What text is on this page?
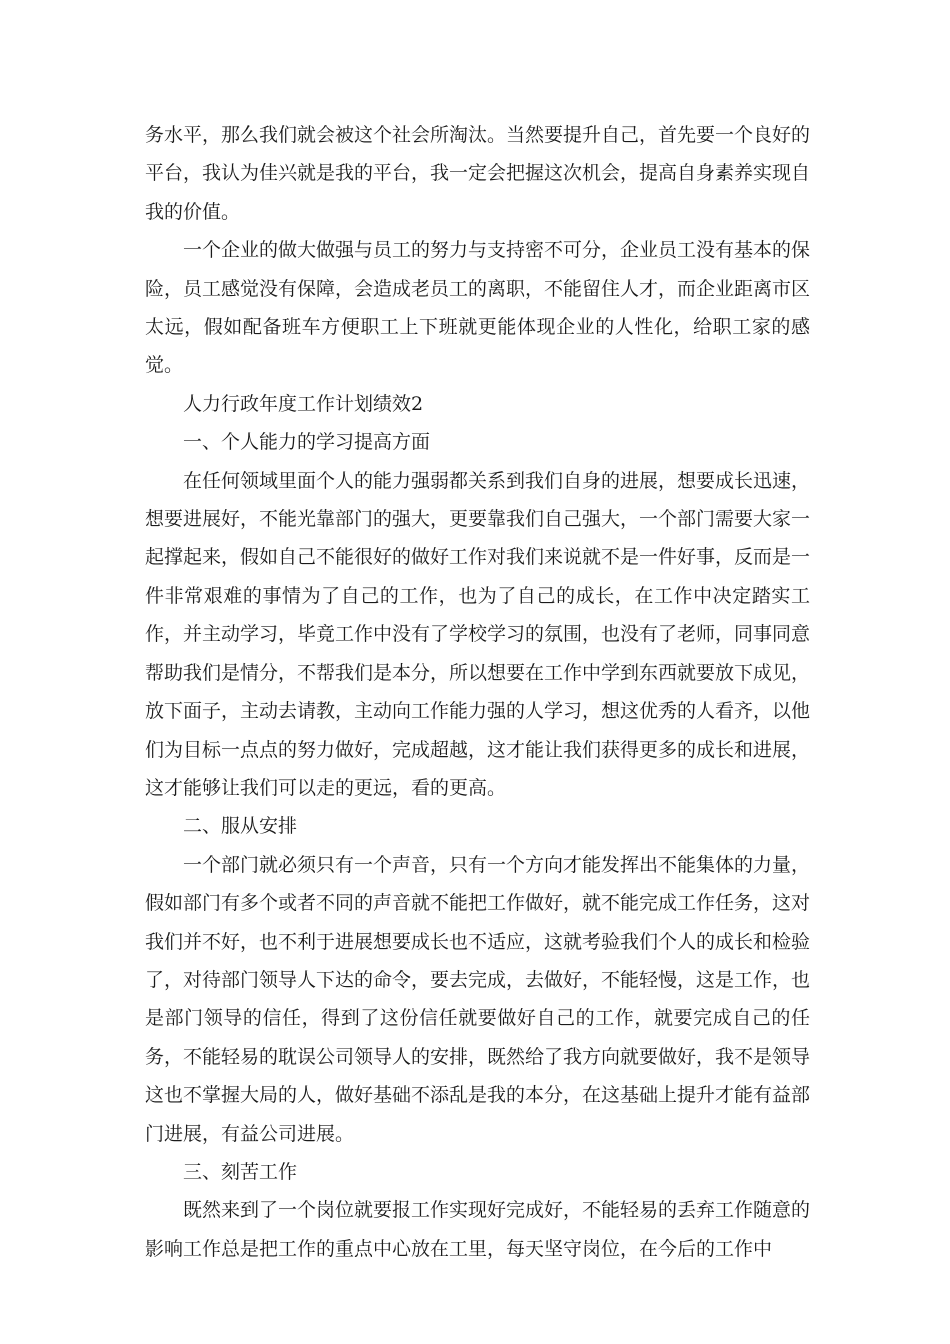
务水平，那么我们就会被这个社会所淘汰。当然要提升自己，首先要一个良好的平台，我认为佳兴就是我的平台，我一定会把握这次机会，提高自身素养实现自我的价值。

一个企业的做大做强与员工的努力与支持密不可分，企业员工没有基本的保险，员工感觉没有保障，会造成老员工的离职，不能留住人才，而企业距离市区太远，假如配备班车方便职工上下班就更能体现企业的人性化，给职工家的感觉。

人力行政年度工作计划绩效2

一、个人能力的学习提高方面

在任何领域里面个人的能力强弱都关系到我们自身的进展，想要成长迅速，想要进展好，不能光靠部门的强大，更要靠我们自己强大，一个部门需要大家一起撑起来，假如自己不能很好的做好工作对我们来说就不是一件好事，反而是一件非常艰难的事情为了自己的工作，也为了自己的成长，在工作中决定踏实工作，并主动学习，毕竟工作中没有了学校学习的氛围，也没有了老师，同事同意帮助我们是情分，不帮我们是本分，所以想要在工作中学到东西就要放下成见，放下面子，主动去请教，主动向工作能力强的人学习，想这优秀的人看齐，以他们为目标一点点的努力做好，完成超越，这才能让我们获得更多的成长和进展，这才能够让我们可以走的更远，看的更高。

二、服从安排

一个部门就必须只有一个声音，只有一个方向才能发挥出不能集体的力量，假如部门有多个或者不同的声音就不能把工作做好，就不能完成工作任务，这对我们并不好，也不利于进展想要成长也不适应，这就考验我们个人的成长和检验了，对待部门领导人下达的命令，要去完成，去做好，不能轻慢，这是工作，也是部门领导的信任，得到了这份信任就要做好自己的工作，就要完成自己的任务，不能轻易的耽误公司领导人的安排，既然给了我方向就要做好，我不是领导这也不掌握大局的人，做好基础不添乱是我的本分，在这基础上提升才能有益部门进展，有益公司进展。

三、刻苦工作

既然来到了一个岗位就要报工作实现好完成好，不能轻易的丢弃工作随意的影响工作总是把工作的重点中心放在工里，每天坚守岗位，在今后的工作中
